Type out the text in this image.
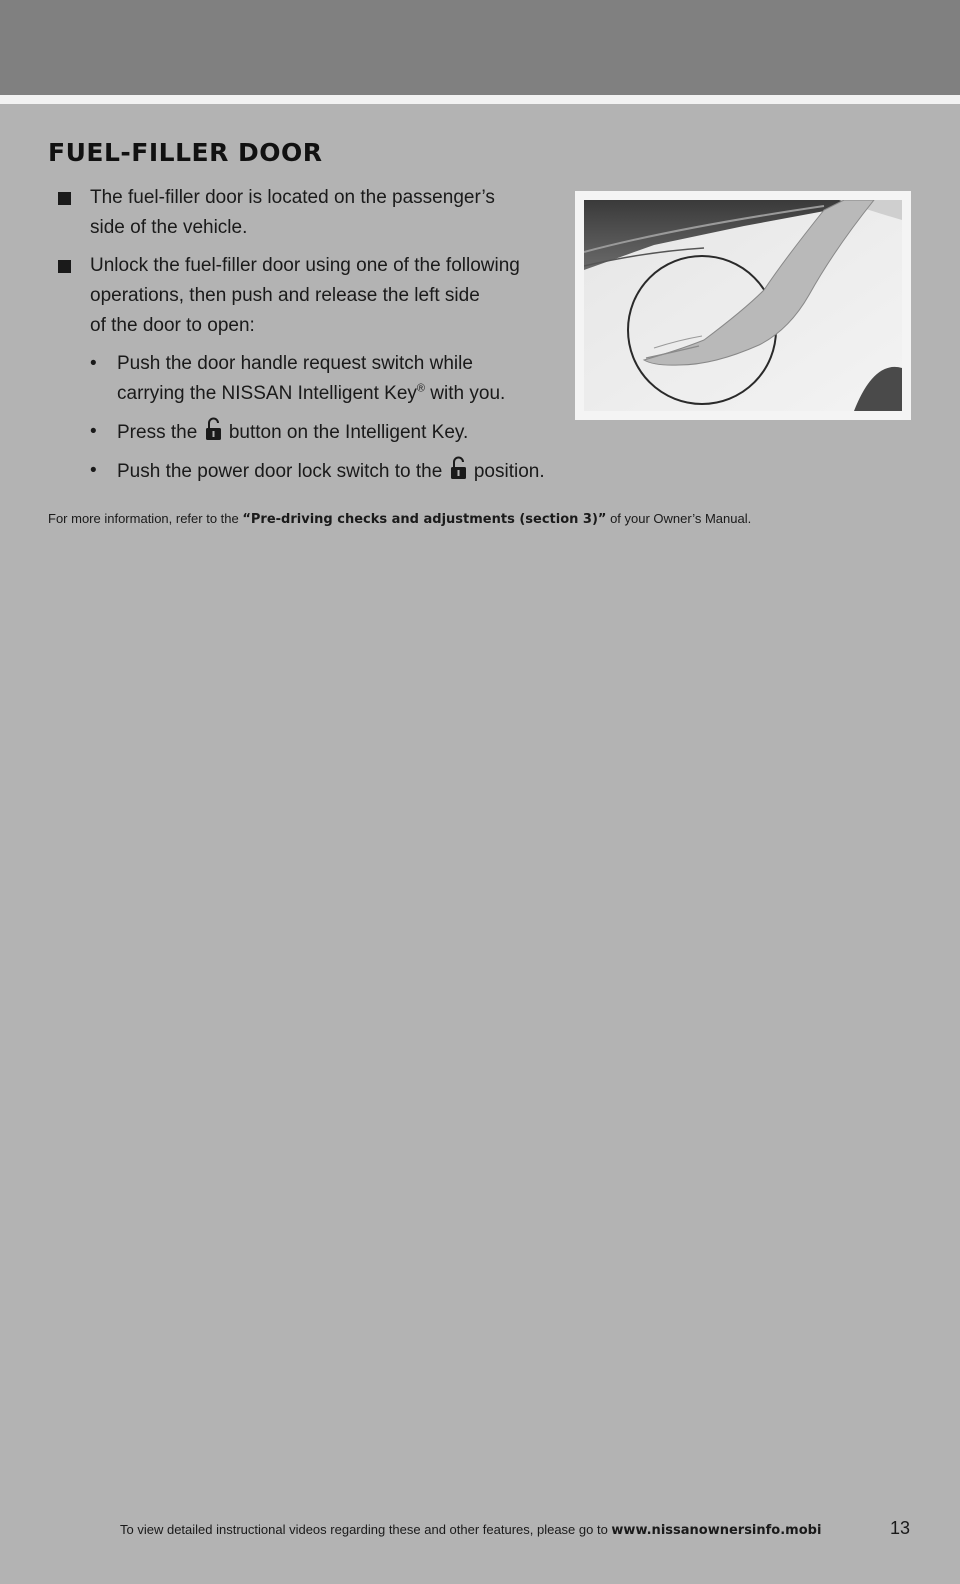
FUEL-FILLER DOOR
The fuel-filler door is located on the passenger’s
side of the vehicle.
Unlock the fuel-filler door using one of the following
operations, then push and release the left side
of the door to open:
• Push the door handle request switch while
carrying the NISSAN Intelligent Key® with you.
• Press the  button on the Intelligent Key.
• Push the power door lock switch to the  position.
For more information, refer to the “Pre-driving checks and adjustments (section 3)” of your Owner’s Manual.
To view detailed instructional videos regarding these and other features, please go to www.nissanownersinfo.mobi	13
